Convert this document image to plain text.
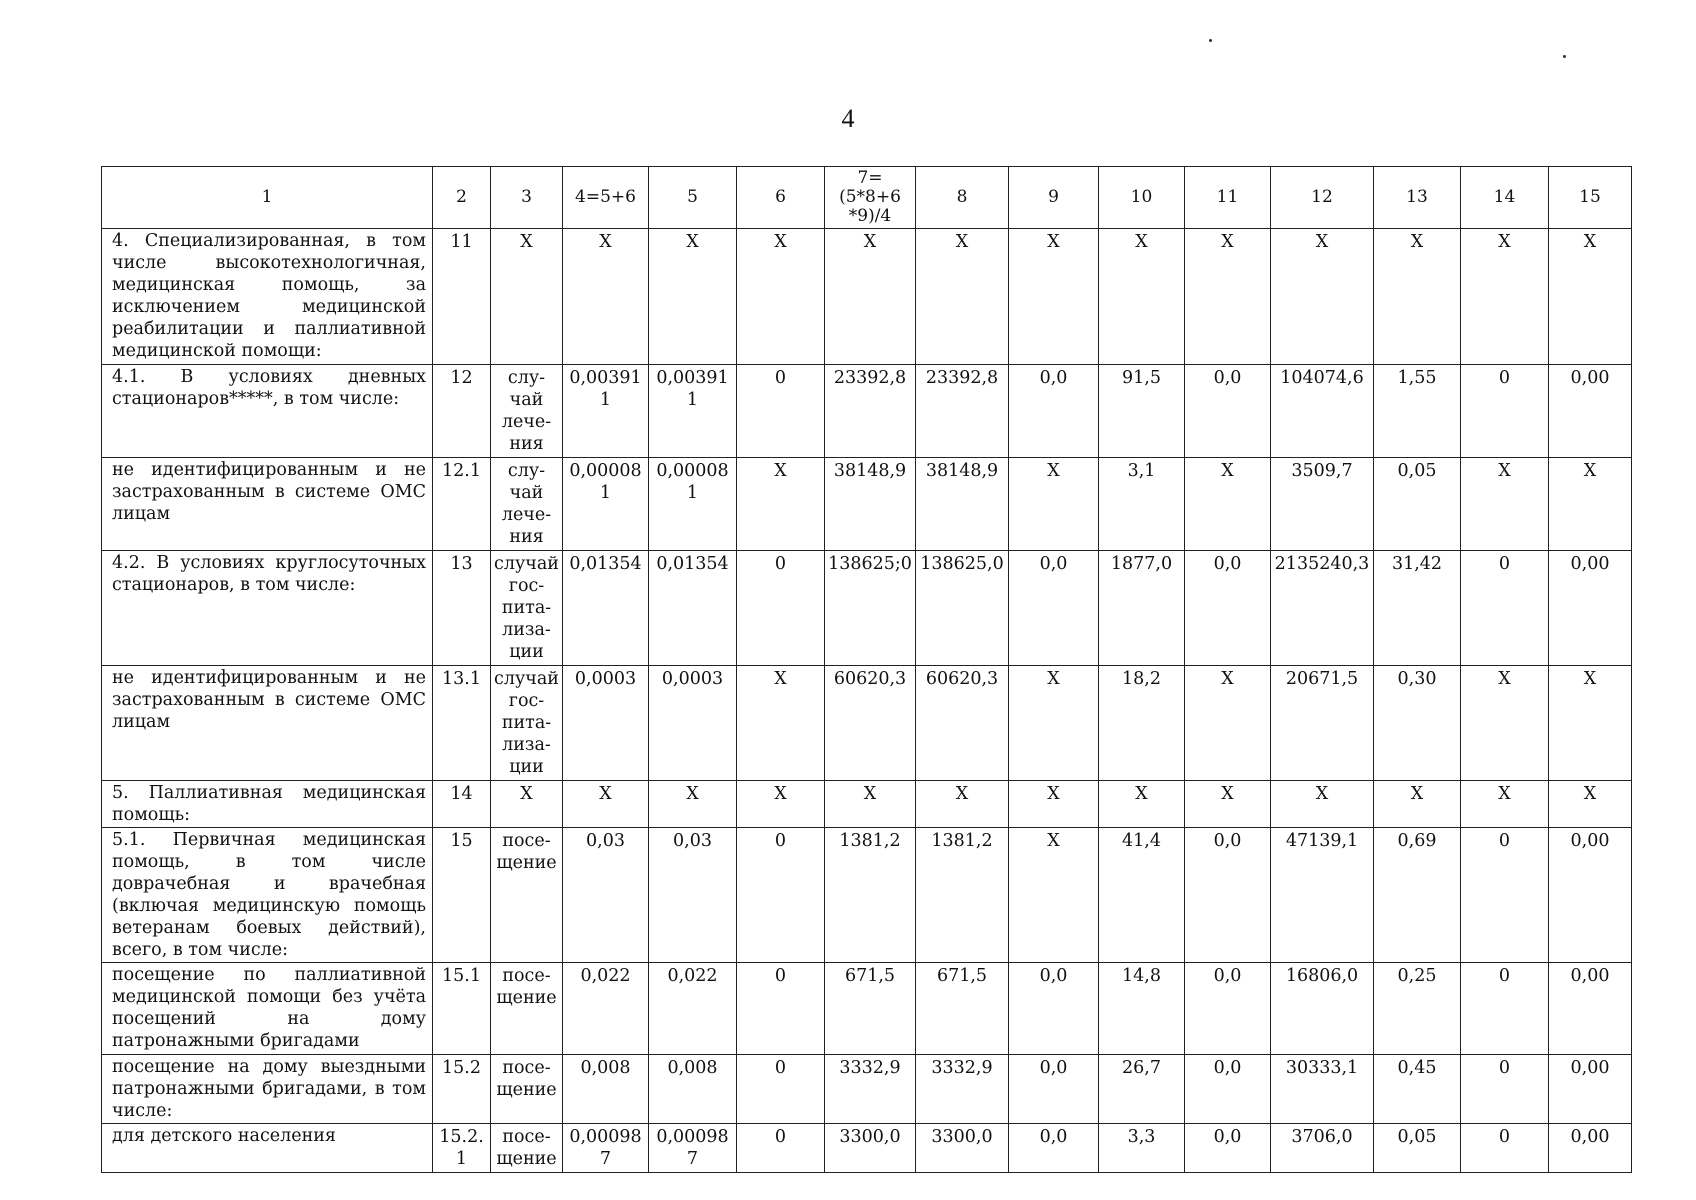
4
1	2	3	4=5+6	5	6	7=(5*8+6 *9)/4	8	9	10	11	12	13	14	15
4. Специализированная, в том числе высокотехнологичная, медицинская помощь, за исключением медицинской реабилитации и паллиативной медицинской помощи:	11	X	X	X	X	X	X	X	X	X	X	X	X	X
4.1. В условиях дневных стационаров*****, в том числе:	12	слу-чай лече-ния	0,003911	0,003911	0	23392,8	23392,8	0,0	91,5	0,0	104074,6	1,55	0	0,00
не идентифицированным и не застрахованным в системе ОМС лицам	12.1	слу-чай лече-ния	0,000081	0,000081	X	38148,9	38148,9	X	3,1	X	3509,7	0,05	X	X
4.2. В условиях круглосуточных стационаров, в том числе:	13	случай гос-пита-лиза-ции	0,01354	0,01354	0	138625;0	138625,0	0,0	1877,0	0,0	2135240,3	31,42	0	0,00
не идентифицированным и не застрахованным в системе ОМС лицам	13.1	случай гос-пита-лиза-ции	0,0003	0,0003	X	60620,3	60620,3	X	18,2	X	20671,5	0,30	X	X
5. Паллиативная медицинская помощь:	14	X	X	X	X	X	X	X	X	X	X	X	X	X
5.1. Первичная медицинская помощь, в том числе доврачебная и врачебная (включая медицинскую помощь ветеранам боевых действий), всего, в том числе:	15	посе-щение	0,03	0,03	0	1381,2	1381,2	X	41,4	0,0	47139,1	0,69	0	0,00
посещение по паллиативной медицинской помощи без учёта посещений на дому патронажными бригадами	15.1	посе-щение	0,022	0,022	0	671,5	671,5	0,0	14,8	0,0	16806,0	0,25	0	0,00
посещение на дому выездными патронажными бригадами, в том числе:	15.2	посе-щение	0,008	0,008	0	3332,9	3332,9	0,0	26,7	0,0	30333,1	0,45	0	0,00
для детского населения	15.2.1	посе-щение	0,000987	0,000987	0	3300,0	3300,0	0,0	3,3	0,0	3706,0	0,05	0	0,00
